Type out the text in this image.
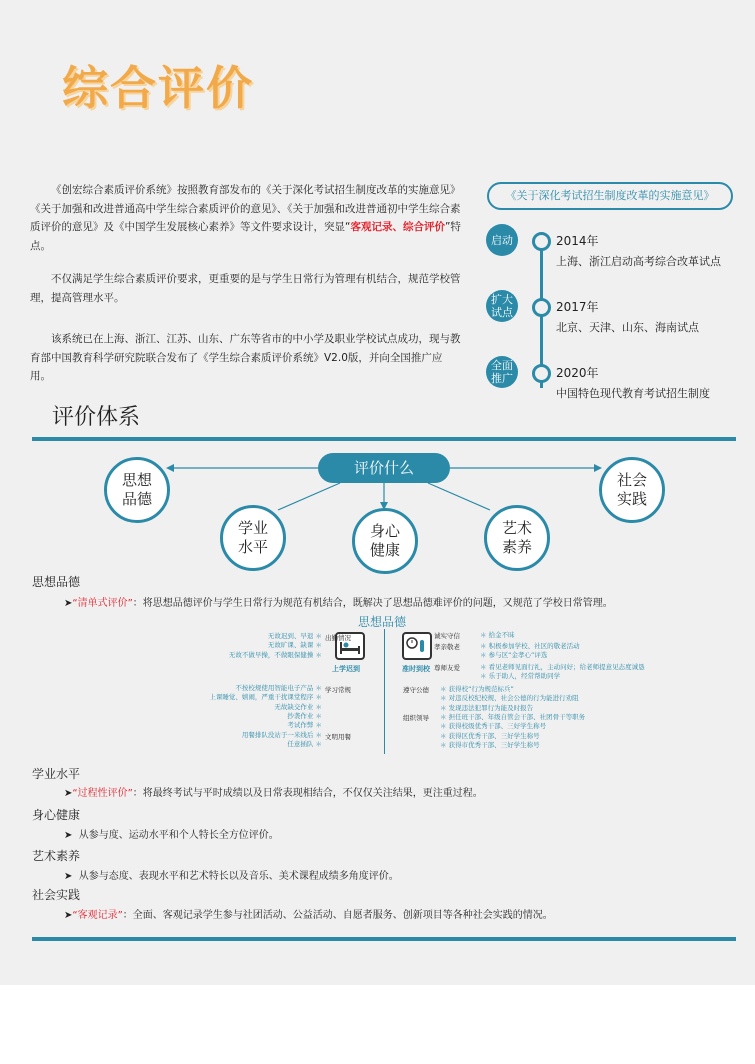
综合评价
  《创宏综合素质评价系统》按照教育部发布的《关于深化考试招生制度改革的实施意见》《关于加强和改进普通高中学生综合素质评价的意见》、《关于加强和改进普通初中学生综合素质评价的意见》及《中国学生发展核心素养》等文件要求设计，突显“客观记录、综合评价”特点。
  不仅满足学生综合素质评价要求，更重要的是与学生日常行为管理有机结合，规范学校管理，提高管理水平。
  该系统已在上海、浙江、江苏、山东、广东等省市的中小学及职业学校试点成功，现与教育部中国教育科学研究院联合发布了《学生综合素质评价系统》V2.0版，并向全国推广应用。
《关于深化考试招生制度改革的实施意见》
启动	2014年
上海、浙江启动高考综合改革试点
扩大试点	2017年
北京、天津、山东、海南试点
全面推广	2020年
中国特色现代教育考试招生制度
评价体系
评价什么
思想品德
学业水平
身心健康
艺术素养
社会实践
思想品德
➤“清单式评价”：将思想品德评价与学生日常行为规范有机结合，既解决了思想品德难评价的问题，又规范了学校日常管理。
思想品德
上学迟到	准时到校
无故迟到、早退 ＊
无故旷课、缺课 ＊
无故不做早操，不做眼保健操 ＊
出勤情况
不按校规使用智能电子产品 ＊
上课睡觉、嬉闹，严重干扰课堂程序 ＊
无故缺交作业 ＊
抄袭作业 ＊
考试作弊 ＊
学习常规
用餐排队没站于一米线后 ＊
任意插队 ＊
文明用餐
诚实守信	＊ 拾金不昧
孝亲敬老	＊ 积极参加学校、社区的敬老活动
＊ 参与区“金孝心”评选
尊师友爱	＊ 看见老师见面行礼，主动问好；给老师提意见态度诚恳
＊ 乐于助人，经常帮助同学
遵守公德 ＊ 获得校“行为规范标兵”
＊ 对违反校纪校规、社会公德的行为能进行劝阻
＊ 发现违法犯罪行为能及时报告
组织领导 ＊ 担任班干部、年级自管会干部、社团骨干等职务
＊ 获得校级优秀干部、三好学生称号
＊ 获得区优秀干部、三好学生称号
＊ 获得市优秀干部、三好学生称号
学业水平
➤“过程性评价”：将最终考试与平时成绩以及日常表现相结合，不仅仅关注结果，更注重过程。
身心健康
➤  从参与度、运动水平和个人特长全方位评价。
艺术素养
➤  从参与态度、表现水平和艺术特长以及音乐、美术课程成绩多角度评价。
社会实践
➤“客观记录”：全面、客观记录学生参与社团活动、公益活动、自愿者服务、创新项目等各种社会实践的情况。
